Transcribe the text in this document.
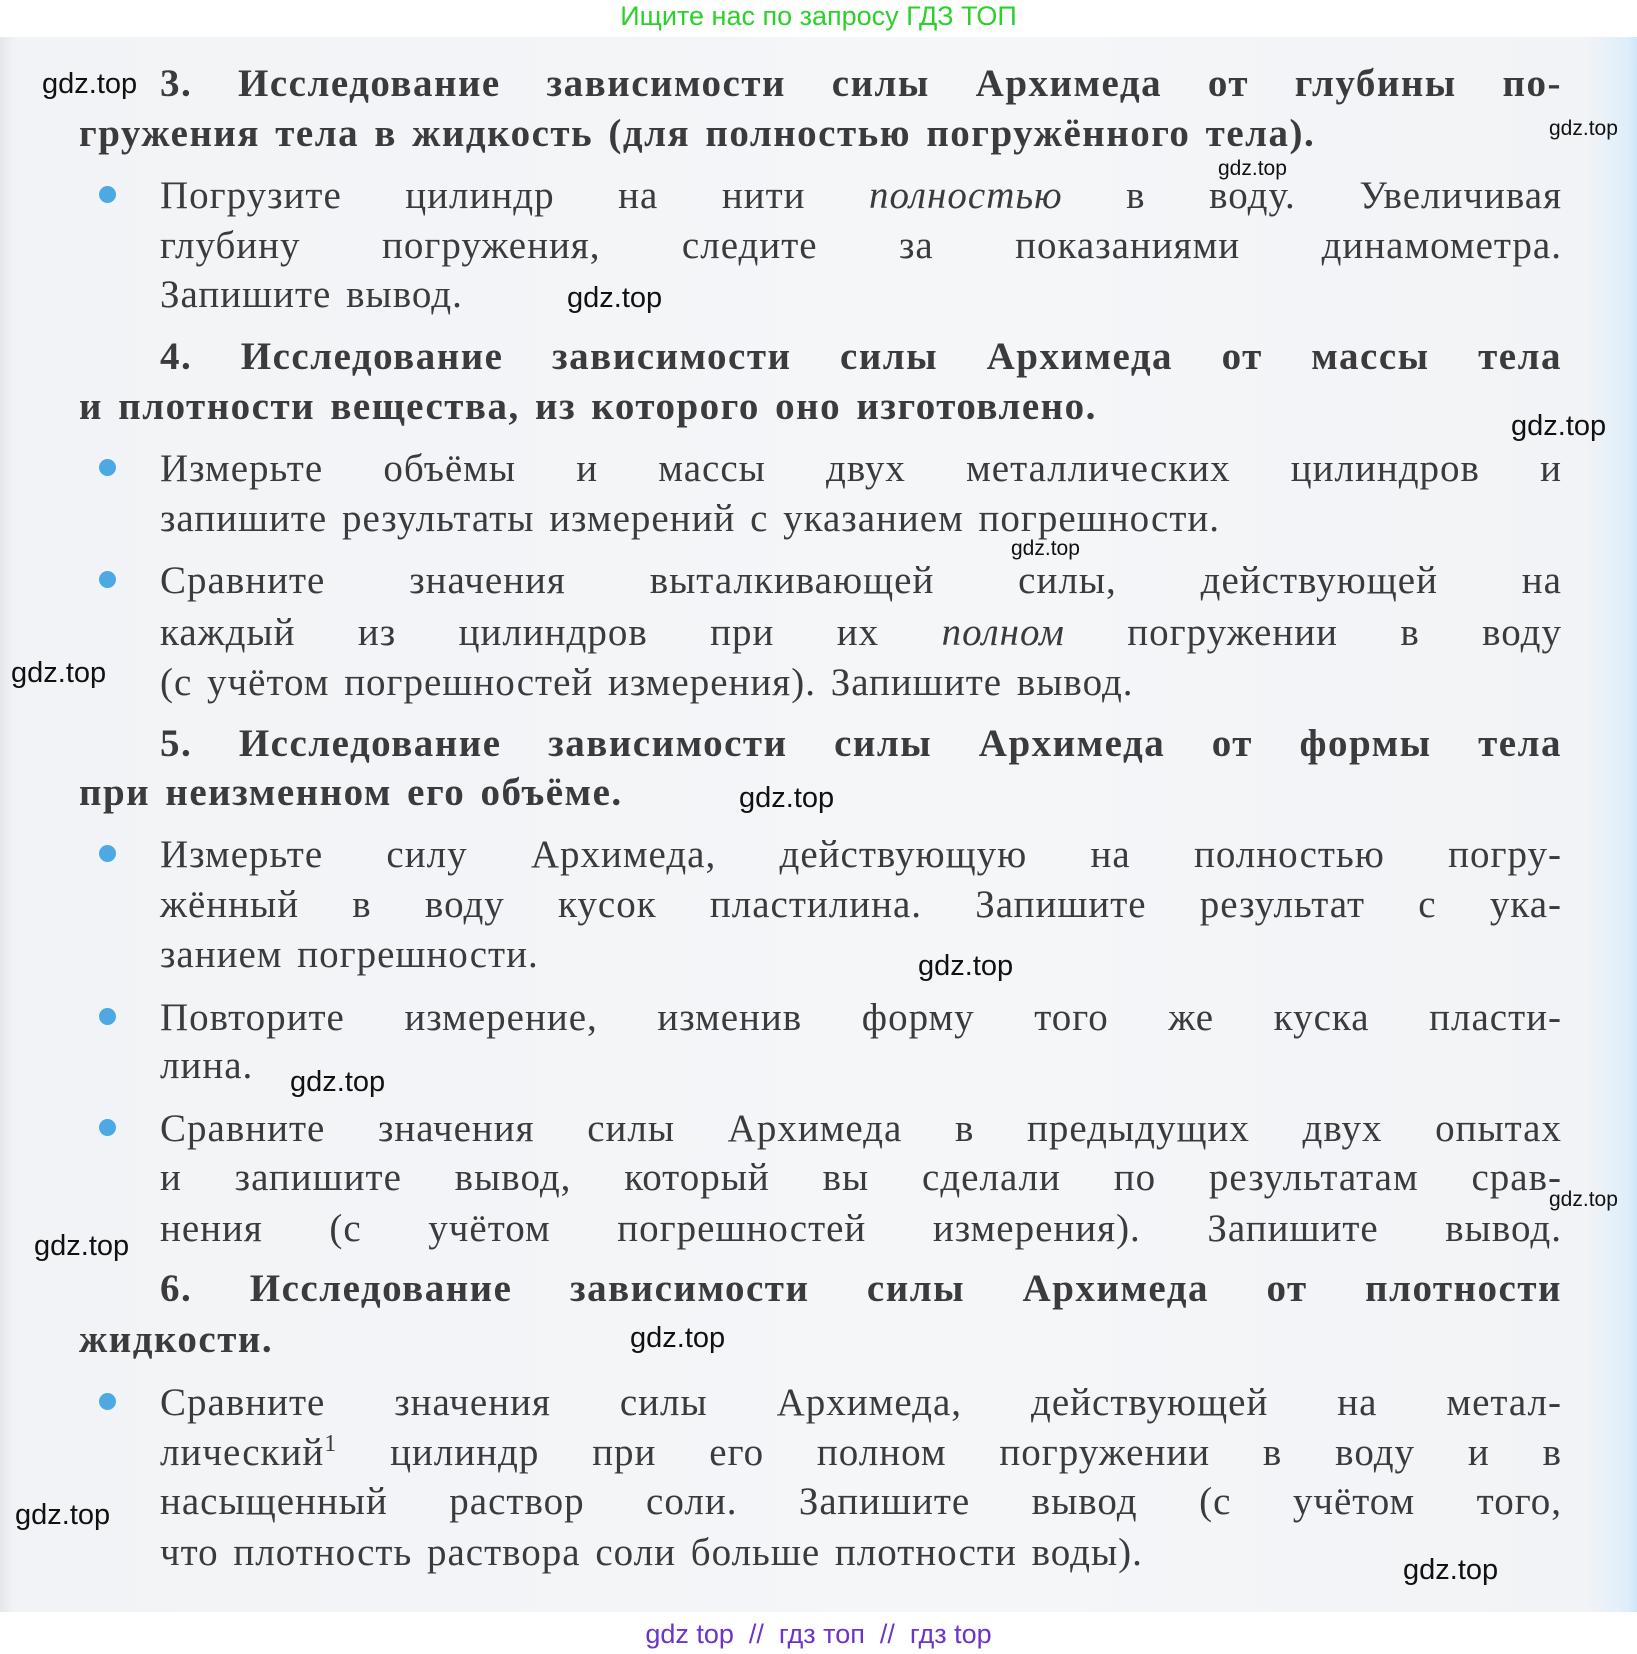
Ищите нас по запросу ГДЗ ТОП
3. Исследование зависимости силы Архимеда от глубины по-
гружения тела в жидкость (для полностью погружённого тела).
Погрузите цилиндр на нити полностью в воду. Увеличивая
глубину погружения, следите за показаниями динамометра.
Запишите вывод.
4. Исследование зависимости силы Архимеда от массы тела
и плотности вещества, из которого оно изготовлено.
Измерьте объёмы и массы двух металлических цилиндров и
запишите результаты измерений с указанием погрешности.
Сравните значения выталкивающей силы, действующей на
каждый из цилиндров при их полном погружении в воду
(с учётом погрешностей измерения). Запишите вывод.
5. Исследование зависимости силы Архимеда от формы тела
при неизменном его объёме.
Измерьте силу Архимеда, действующую на полностью погру-
жённый в воду кусок пластилина. Запишите результат с ука-
занием погрешности.
Повторите измерение, изменив форму того же куска пласти-
лина.
Сравните значения силы Архимеда в предыдущих двух опытах
и запишите вывод, который вы сделали по результатам срав-
нения (с учётом погрешностей измерения). Запишите вывод.
6. Исследование зависимости силы Архимеда от плотности
жидкости.
Сравните значения силы Архимеда, действующей на метал-
лический$^1$ цилиндр при его полном погружении в воду и в
насыщенный раствор соли. Запишите вывод (с учётом того,
что плотность раствора соли больше плотности воды).
gdz.top
gdz.top
gdz.top
gdz.top
gdz.top
gdz.top
gdz.top
gdz.top
gdz.top
gdz.top
gdz.top
gdz.top
gdz.top
gdz.top
gdz.top
gdz top  //  гдз топ  //  гдз top
